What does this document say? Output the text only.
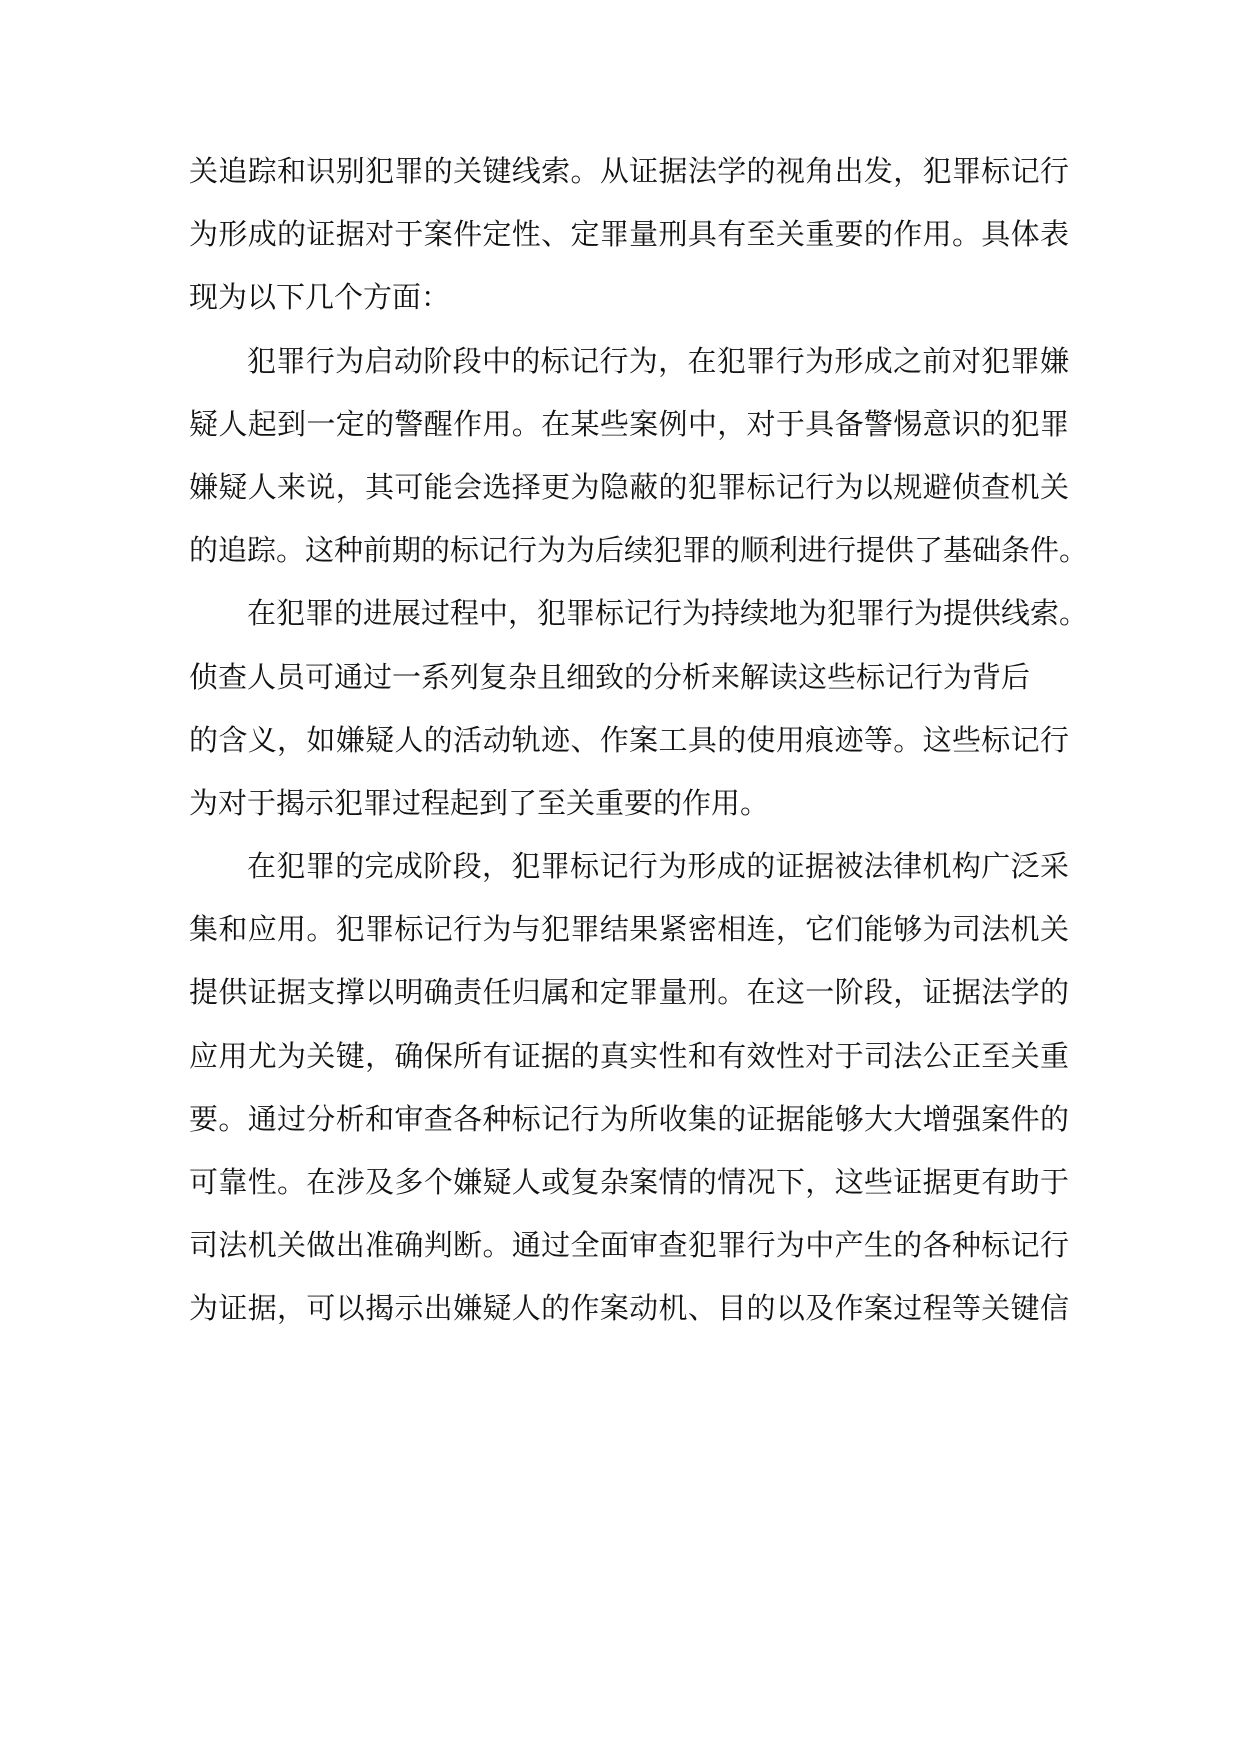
关追踪和识别犯罪的关键线索。从证据法学的视角出发，犯罪标记行
为形成的证据对于案件定性、定罪量刑具有至关重要的作用。具体表
现为以下几个方面：
犯罪行为启动阶段中的标记行为，在犯罪行为形成之前对犯罪嫌
疑人起到一定的警醒作用。在某些案例中，对于具备警惕意识的犯罪
嫌疑人来说，其可能会选择更为隐蔽的犯罪标记行为以规避侦查机关
的追踪。这种前期的标记行为为后续犯罪的顺利进行提供了基础条件。
在犯罪的进展过程中，犯罪标记行为持续地为犯罪行为提供线索。
侦查人员可通过一系列复杂且细致的分析来解读这些标记行为背后
的含义，如嫌疑人的活动轨迹、作案工具的使用痕迹等。这些标记行
为对于揭示犯罪过程起到了至关重要的作用。
在犯罪的完成阶段，犯罪标记行为形成的证据被法律机构广泛采
集和应用。犯罪标记行为与犯罪结果紧密相连，它们能够为司法机关
提供证据支撑以明确责任归属和定罪量刑。在这一阶段，证据法学的
应用尤为关键，确保所有证据的真实性和有效性对于司法公正至关重
要。通过分析和审查各种标记行为所收集的证据能够大大增强案件的
可靠性。在涉及多个嫌疑人或复杂案情的情况下，这些证据更有助于
司法机关做出准确判断。通过全面审查犯罪行为中产生的各种标记行
为证据，可以揭示出嫌疑人的作案动机、目的以及作案过程等关键信
